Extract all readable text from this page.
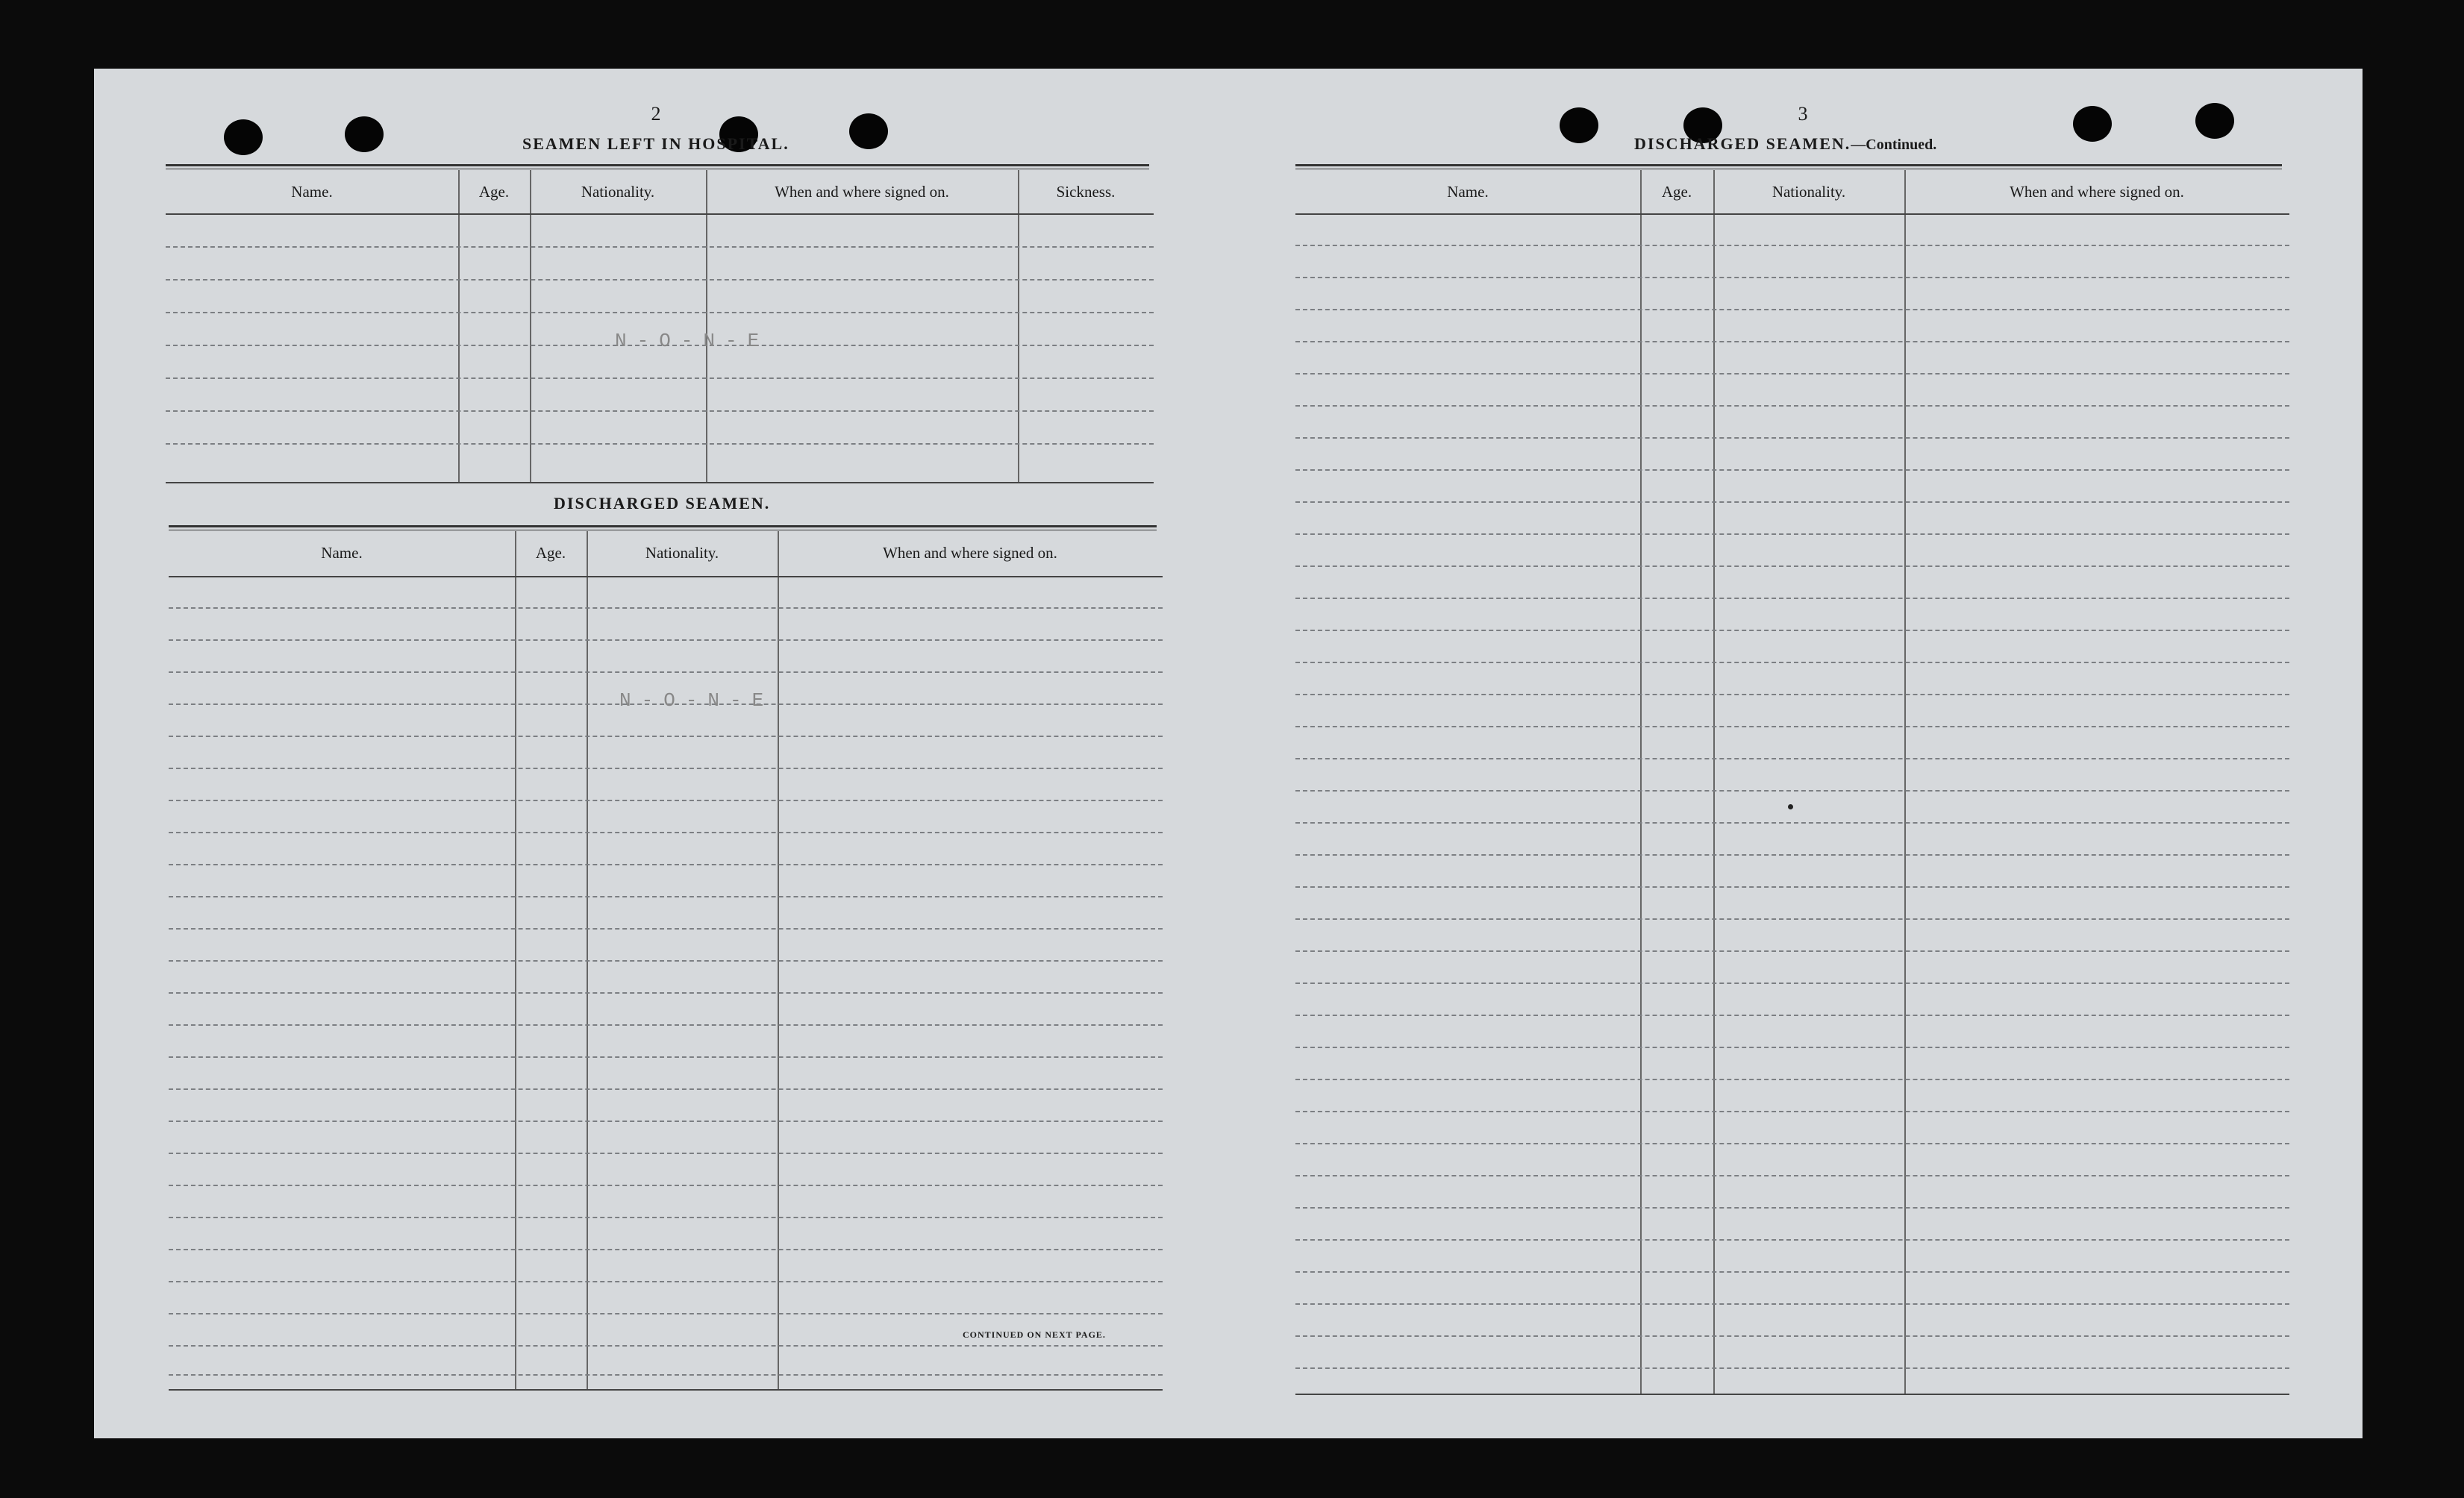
2
SEAMEN LEFT IN HOSPITAL.
Name.	Age.	Nationality.	When and where signed on.	Sickness.
N-O-N-E
DISCHARGED SEAMEN.
Name.	Age.	Nationality.	When and where signed on.
N-O-N-E
CONTINUED ON NEXT PAGE.
3
DISCHARGED SEAMEN.—Continued.
Name.	Age.	Nationality.	When and where signed on.
